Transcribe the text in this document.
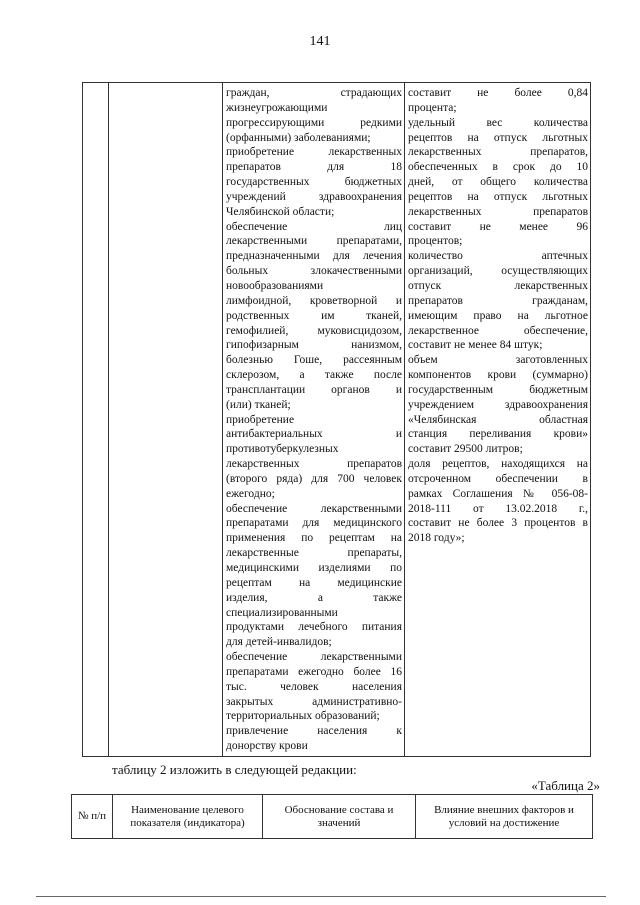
141

граждан, страдающих

жизнеугрожающими

прогрессирующими редкими

(орфанными) заболеваниями;

приобретение лекарственных

препаратов для 18

государственных бюджетных

учреждений здравоохранения

Челябинской области;

обеспечение лиц

лекарственными препаратами,

предназначенными для лечения

больных злокачественными

новообразованиями

лимфоидной, кроветворной и

родственных им тканей,

гемофилией, муковисцидозом,

гипофизарным нанизмом,

болезнью Гоше, рассеянным

склерозом, а также после

трансплантации органов и

(или) тканей;

приобретение

антибактериальных и

противотуберкулезных

лекарственных препаратов

(второго ряда) для 700 человек

ежегодно;

обеспечение лекарственными

препаратами для медицинского

применения по рецептам на

лекарственные препараты,

медицинскими изделиями по

рецептам на медицинские

изделия, а также

специализированными

продуктами лечебного питания

для детей-инвалидов;

обеспечение лекарственными

препаратами ежегодно более 16

тыс. человек населения

закрытых административно-

территориальных образований;

привлечение населения к

донорству крови

составит не более 0,84

процента;

удельный вес количества

рецептов на отпуск льготных

лекарственных препаратов,

обеспеченных в срок до 10

дней, от общего количества

рецептов на отпуск льготных

лекарственных препаратов

составит не менее 96

процентов;

количество аптечных

организаций, осуществляющих

отпуск лекарственных

препаратов гражданам,

имеющим право на льготное

лекарственное обеспечение,

составит не менее 84 штук;

объем заготовленных

компонентов крови (суммарно)

государственным бюджетным

учреждением здравоохранения

«Челябинская областная

станция переливания крови»

составит 29500 литров;

доля рецептов, находящихся на

отсроченном обеспечении в

рамках Соглашения № 056-08-

2018-111 от 13.02.2018 г.,

составит не более 3 процентов в

2018 году»;

таблицу 2 изложить в следующей редакции:
«Таблица 2»
№ п/п
Наименование целевого показателя (индикатора)
Обоснование состава и значений
Влияние внешних факторов и условий на достижение
